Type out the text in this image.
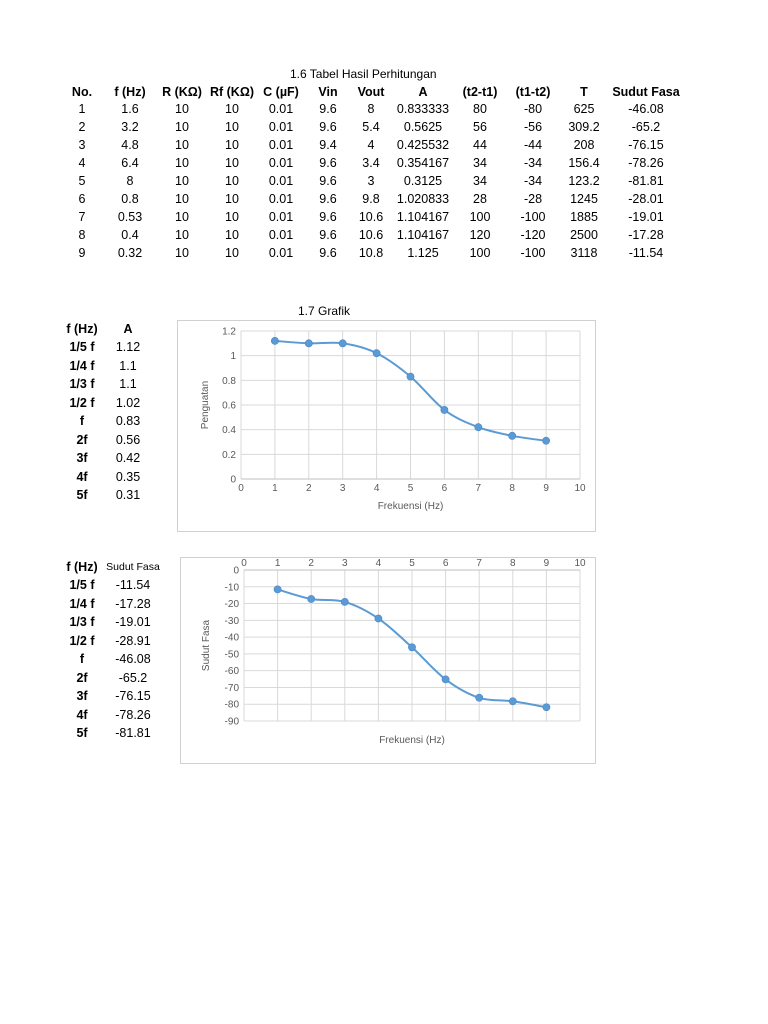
1.6 Tabel Hasil Perhitungan
No.	f (Hz)	R (KΩ)	Rf (KΩ)	C (µF)	Vin	Vout	A	(t2-t1)	(t1-t2)	T	Sudut Fasa
1	1.6	10	10	0.01	9.6	8	0.833333	80	-80	625	-46.08
2	3.2	10	10	0.01	9.6	5.4	0.5625	56	-56	309.2	-65.2
3	4.8	10	10	0.01	9.4	4	0.425532	44	-44	208	-76.15
4	6.4	10	10	0.01	9.6	3.4	0.354167	34	-34	156.4	-78.26
5	8	10	10	0.01	9.6	3	0.3125	34	-34	123.2	-81.81
6	0.8	10	10	0.01	9.6	9.8	1.020833	28	-28	1245	-28.01
7	0.53	10	10	0.01	9.6	10.6	1.104167	100	-100	1885	-19.01
8	0.4	10	10	0.01	9.6	10.6	1.104167	120	-120	2500	-17.28
9	0.32	10	10	0.01	9.6	10.8	1.125	100	-100	3118	-11.54
1.7 Grafik
f (Hz)	A
1/5 f	1.12
1/4 f	1.1
1/3 f	1.1
1/2 f	1.02
f	0.83
2f	0.56
3f	0.42
4f	0.35
5f	0.31
0
0.2
0.4
0.6
0.8
1
1.2
0	1	2	3	4	5	6	7	8	9	10
Frekuensi (Hz)
Penguatan
f (Hz)	Sudut Fasa
1/5 f	-11.54
1/4 f	-17.28
1/3 f	-19.01
1/2 f	-28.91
f	-46.08
2f	-65.2
3f	-76.15
4f	-78.26
5f	-81.81
0
-10
-20
-30
-40
-50
-60
-70
-80
-90
0	1	2	3	4	5	6	7	8	9	10
Frekuensi (Hz)
Sudut Fasa
